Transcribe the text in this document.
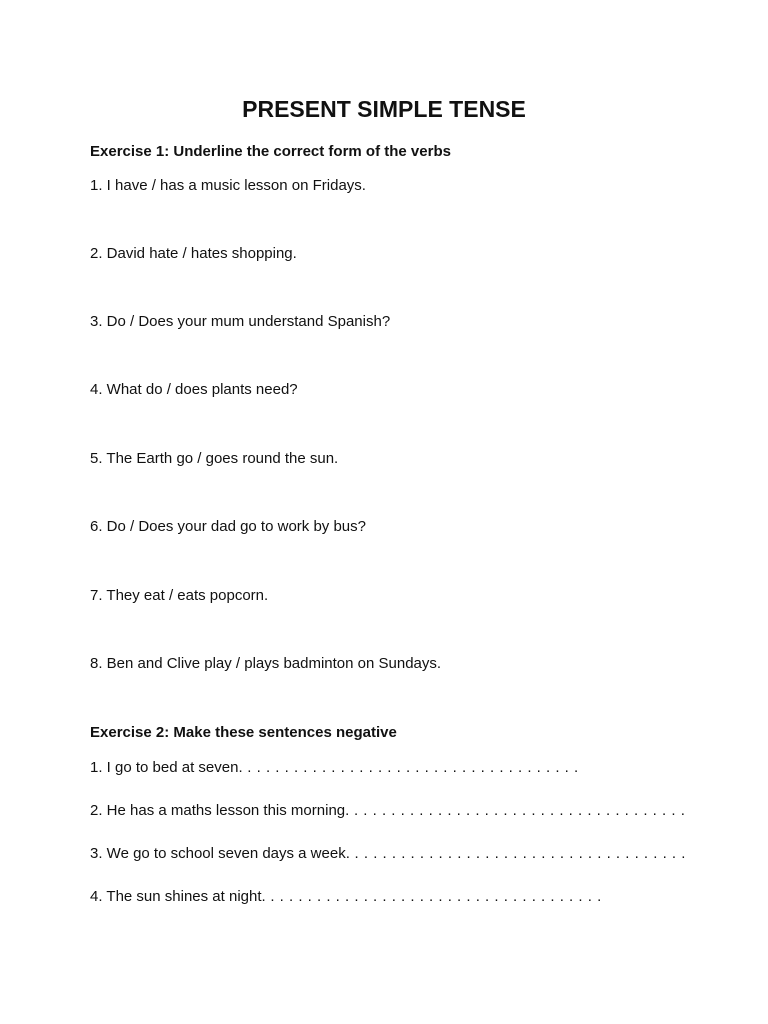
PRESENT SIMPLE TENSE

Exercise 1: Underline the correct form of the verbs

1. I have / has a music lesson on Fridays.

2. David hate / hates shopping.

3. Do / Does your mum understand Spanish?

4. What do / does plants need?

5. The Earth go / goes round the sun.

6. Do / Does your dad go to work by bus?

7. They eat / eats popcorn.

8. Ben and Clive play / plays badminton on Sundays.

Exercise 2: Make these sentences negative

1. I go to bed at seven. . . . . . . . . . . . . . . . . . . . . . . . . . . . . . . . . . . . .

2. He has a maths lesson this morning. . . . . . . . . . . . . . . . . . . . . . . . . . . . . . . . . . . . .

3. We go to school seven days a week. . . . . . . . . . . . . . . . . . . . . . . . . . . . . . . . . . . . .

4. The sun shines at night. . . . . . . . . . . . . . . . . . . . . . . . . . . . . . . . . . . . .
